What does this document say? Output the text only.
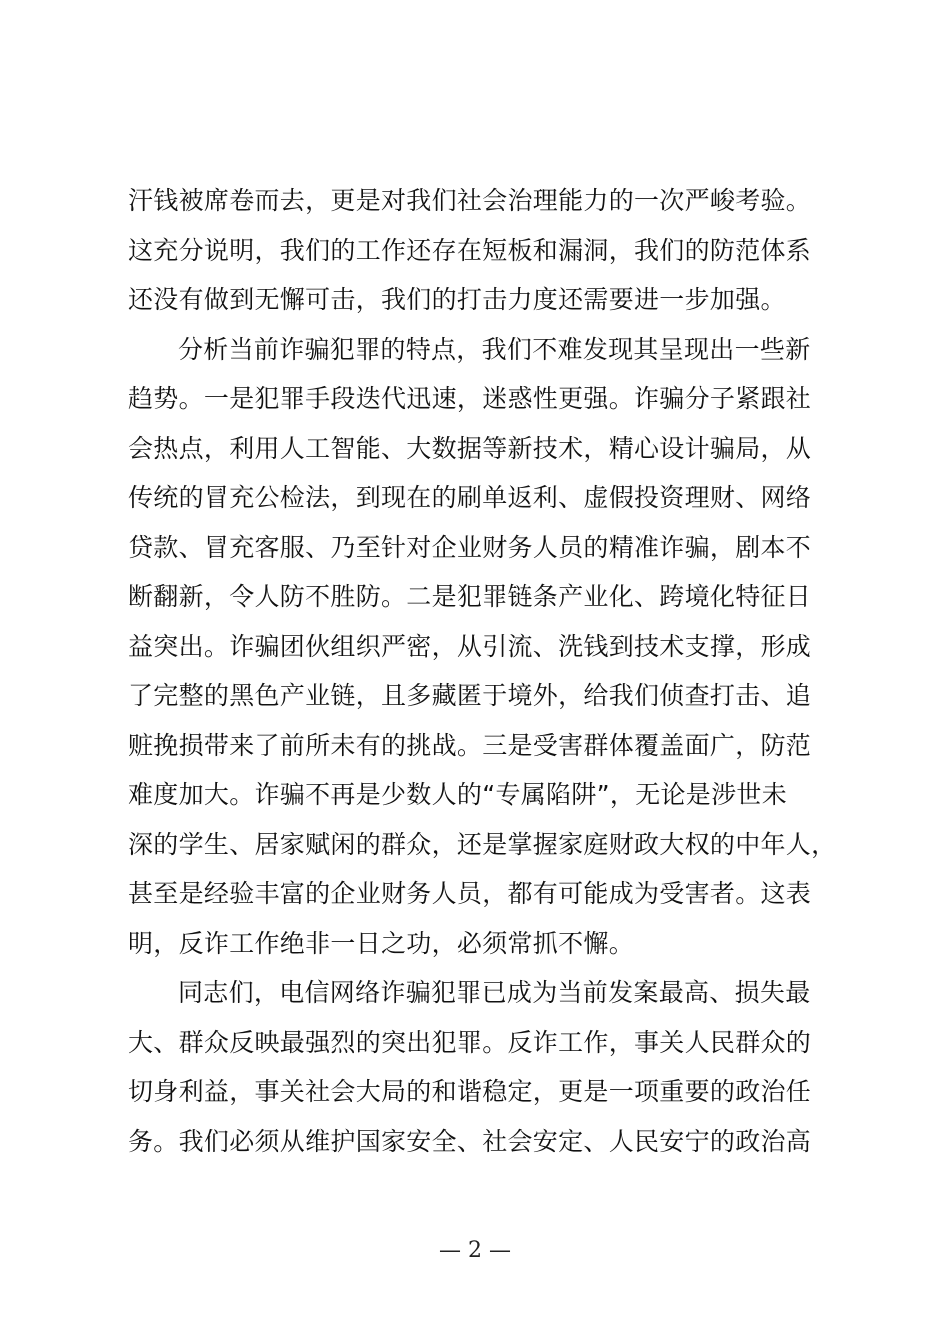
汗钱被席卷而去，更是对我们社会治理能力的一次严峻考验。
这充分说明，我们的工作还存在短板和漏洞，我们的防范体系
还没有做到无懈可击，我们的打击力度还需要进一步加强。

分析当前诈骗犯罪的特点，我们不难发现其呈现出一些新
趋势。一是犯罪手段迭代迅速，迷惑性更强。诈骗分子紧跟社
会热点，利用人工智能、大数据等新技术，精心设计骗局，从
传统的冒充公检法，到现在的刷单返利、虚假投资理财、网络
贷款、冒充客服、乃至针对企业财务人员的精准诈骗，剧本不
断翻新，令人防不胜防。二是犯罪链条产业化、跨境化特征日
益突出。诈骗团伙组织严密，从引流、洗钱到技术支撑，形成
了完整的黑色产业链，且多藏匿于境外，给我们侦查打击、追
赃挽损带来了前所未有的挑战。三是受害群体覆盖面广，防范
难度加大。诈骗不再是少数人的“专属陷阱”，无论是涉世未
深的学生、居家赋闲的群众，还是掌握家庭财政大权的中年人，
甚至是经验丰富的企业财务人员，都有可能成为受害者。这表
明，反诈工作绝非一日之功，必须常抓不懈。

同志们，电信网络诈骗犯罪已成为当前发案最高、损失最
大、群众反映最强烈的突出犯罪。反诈工作，事关人民群众的
切身利益，事关社会大局的和谐稳定，更是一项重要的政治任
务。我们必须从维护国家安全、社会安定、人民安宁的政治高

— 2 —
